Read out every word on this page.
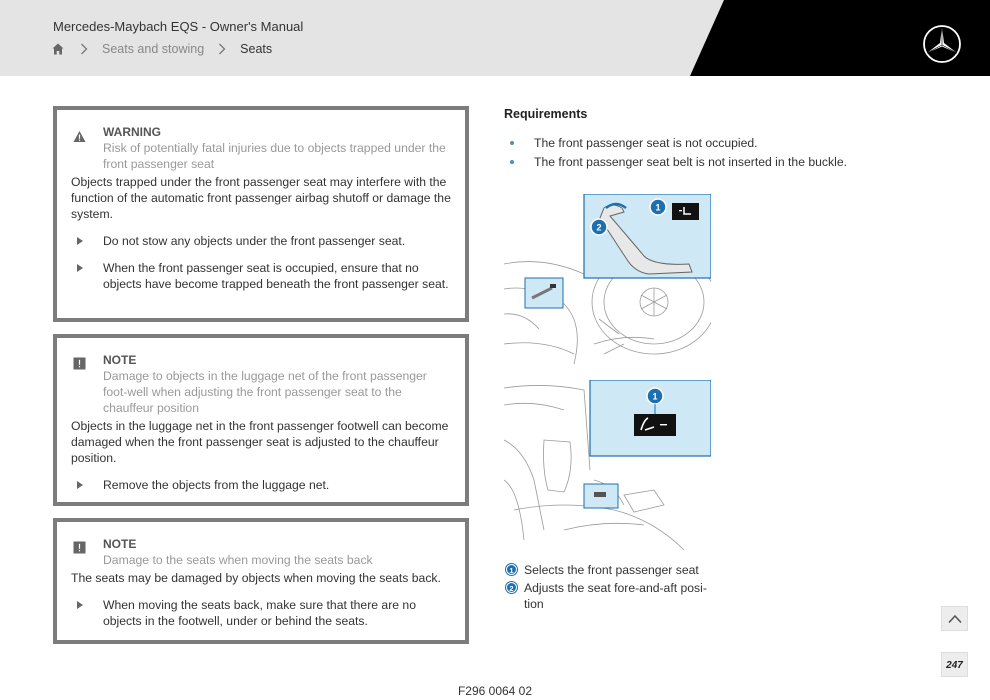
Mercedes-Maybach EQS - Owner's Manual
Seats and stowing	Seats
WARNING
Risk of potentially fatal injuries due to objects trapped under the front passenger seat
Objects trapped under the front passenger seat may interfere with the function of the automatic front passenger airbag shutoff or damage the system.
Do not stow any objects under the front passenger seat.
When the front passenger seat is occupied, ensure that no objects have become trapped beneath the front passenger seat.
NOTE
Damage to objects in the luggage net of the front passenger foot-well when adjusting the front passenger seat to the chauffeur position
Objects in the luggage net in the front passenger footwell can become damaged when the front passenger seat is adjusted to the chauffeur position.
Remove the objects from the luggage net.
NOTE
Damage to the seats when moving the seats back
The seats may be damaged by objects when moving the seats back.
When moving the seats back, make sure that there are no objects in the footwell, under or behind the seats.
Requirements
The front passenger seat is not occupied.
The front passenger seat belt is not inserted in the buckle.
1
2
1
1 Selects the front passenger seat
2 Adjusts the seat fore-and-aft posi-tion
F296 0064 02
247
